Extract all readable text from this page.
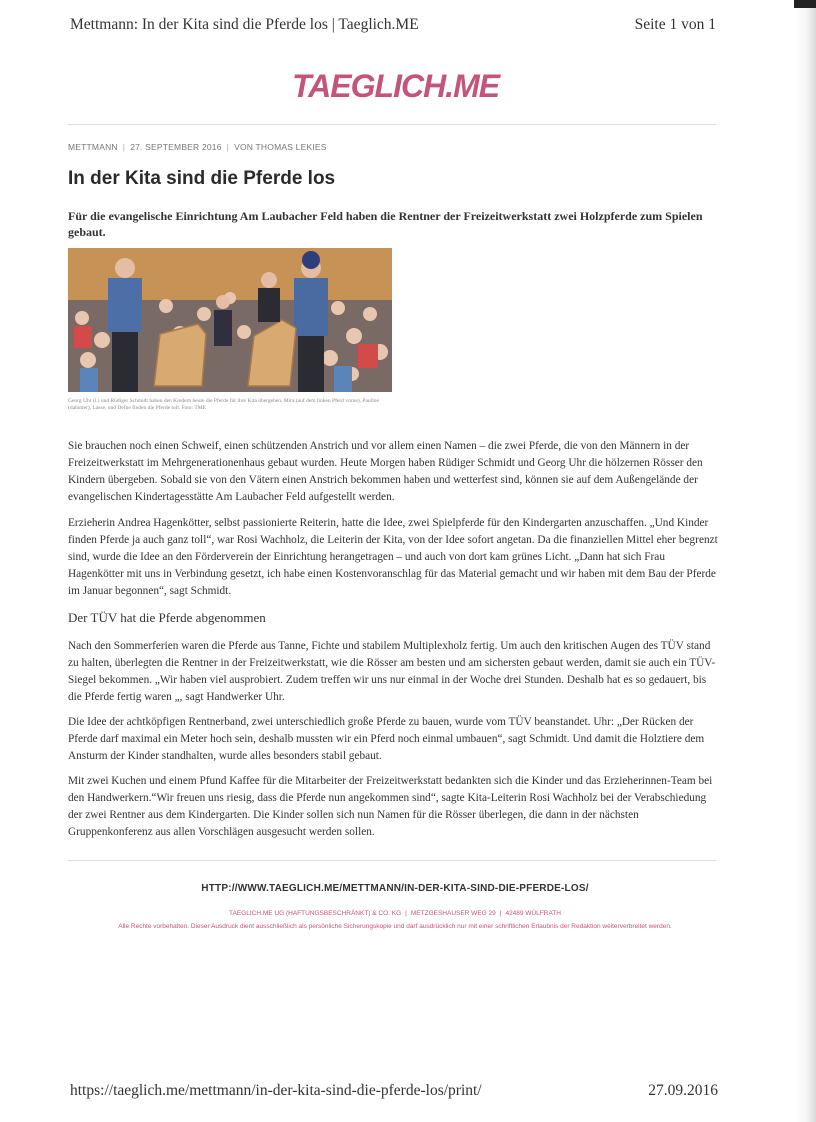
Mettmann: In der Kita sind die Pferde los | Taeglich.ME	Seite 1 von 1
TAEGLICH.ME
METTMANN | 27. SEPTEMBER 2016 | VON THOMAS LEKIES
In der Kita sind die Pferde los

Für die evangelische Einrichtung Am Laubacher Feld haben die Rentner der Freizeitwerkstatt zwei Holzpferde zum Spielen gebaut.

Georg Uhr (l.) und Rüdiger Schmidt haben den Kindern heute die Pferde für ihre Kita übergeben. Mira (auf dem linken Pferd vorne), Pauline (dahinter), Lasse, und Defne finden die Pferde toll. Foto: TME

Sie brauchen noch einen Schweif, einen schützenden Anstrich und vor allem einen Namen – die zwei Pferde, die von den Männern in der Freizeitwerkstatt im Mehrgenerationenhaus gebaut wurden. Heute Morgen haben Rüdiger Schmidt und Georg Uhr die hölzernen Rösser den Kindern übergeben. Sobald sie von den Vätern einen Anstrich bekommen haben und wetterfest sind, können sie auf dem Außengelände der evangelischen Kindertagesstätte Am Laubacher Feld aufgestellt werden.

Erzieherin Andrea Hagenkötter, selbst passionierte Reiterin, hatte die Idee, zwei Spielpferde für den Kindergarten anzuschaffen. „Und Kinder finden Pferde ja auch ganz toll“, war Rosi Wachholz, die Leiterin der Kita, von der Idee sofort angetan. Da die finanziellen Mittel eher begrenzt sind, wurde die Idee an den Förderverein der Einrichtung herangetragen – und auch von dort kam grünes Licht. „Dann hat sich Frau Hagenkötter mit uns in Verbindung gesetzt, ich habe einen Kostenvoranschlag für das Material gemacht und wir haben mit dem Bau der Pferde im Januar begonnen“, sagt Schmidt.

Der TÜV hat die Pferde abgenommen

Nach den Sommerferien waren die Pferde aus Tanne, Fichte und stabilem Multiplexholz fertig. Um auch den kritischen Augen des TÜV stand zu halten, überlegten die Rentner in der Freizeitwerkstatt, wie die Rösser am besten und am sichersten gebaut werden, damit sie auch ein TÜV-Siegel bekommen. „Wir haben viel ausprobiert. Zudem treffen wir uns nur einmal in der Woche drei Stunden. Deshalb hat es so gedauert, bis die Pferde fertig waren „, sagt Handwerker Uhr.

Die Idee der achtköpfigen Rentnerband, zwei unterschiedlich große Pferde zu bauen, wurde vom TÜV beanstandet. Uhr: „Der Rücken der Pferde darf maximal ein Meter hoch sein, deshalb mussten wir ein Pferd noch einmal umbauen“, sagt Schmidt. Und damit die Holztiere dem Ansturm der Kinder standhalten, wurde alles besonders stabil gebaut.

Mit zwei Kuchen und einem Pfund Kaffee für die Mitarbeiter der Freizeitwerkstatt bedankten sich die Kinder und das Erzieherinnen-Team bei den Handwerkern.“Wir freuen uns riesig, dass die Pferde nun angekommen sind“, sagte Kita-Leiterin Rosi Wachholz bei der Verabschiedung der zwei Rentner aus dem Kindergarten. Die Kinder sollen sich nun Namen für die Rösser überlegen, die dann in der nächsten Gruppenkonferenz aus allen Vorschlägen ausgesucht werden sollen.

HTTP://WWW.TAEGLICH.ME/METTMANN/IN-DER-KITA-SIND-DIE-PFERDE-LOS/
TAEGLICH.ME UG (HAFTUNGSBESCHRÄNKT) & CO. KG | METZGESHAUSER WEG 29 | 42489 WÜLFRATH
Alle Rechte vorbehalten. Dieser Ausdruck dient ausschließlich als persönliche Sicherungskopie und darf ausdrücklich nur mit einer schriftlichen Erlaubnis der Redaktion weiterverbreitet werden.
https://taeglich.me/mettmann/in-der-kita-sind-die-pferde-los/print/	27.09.2016
